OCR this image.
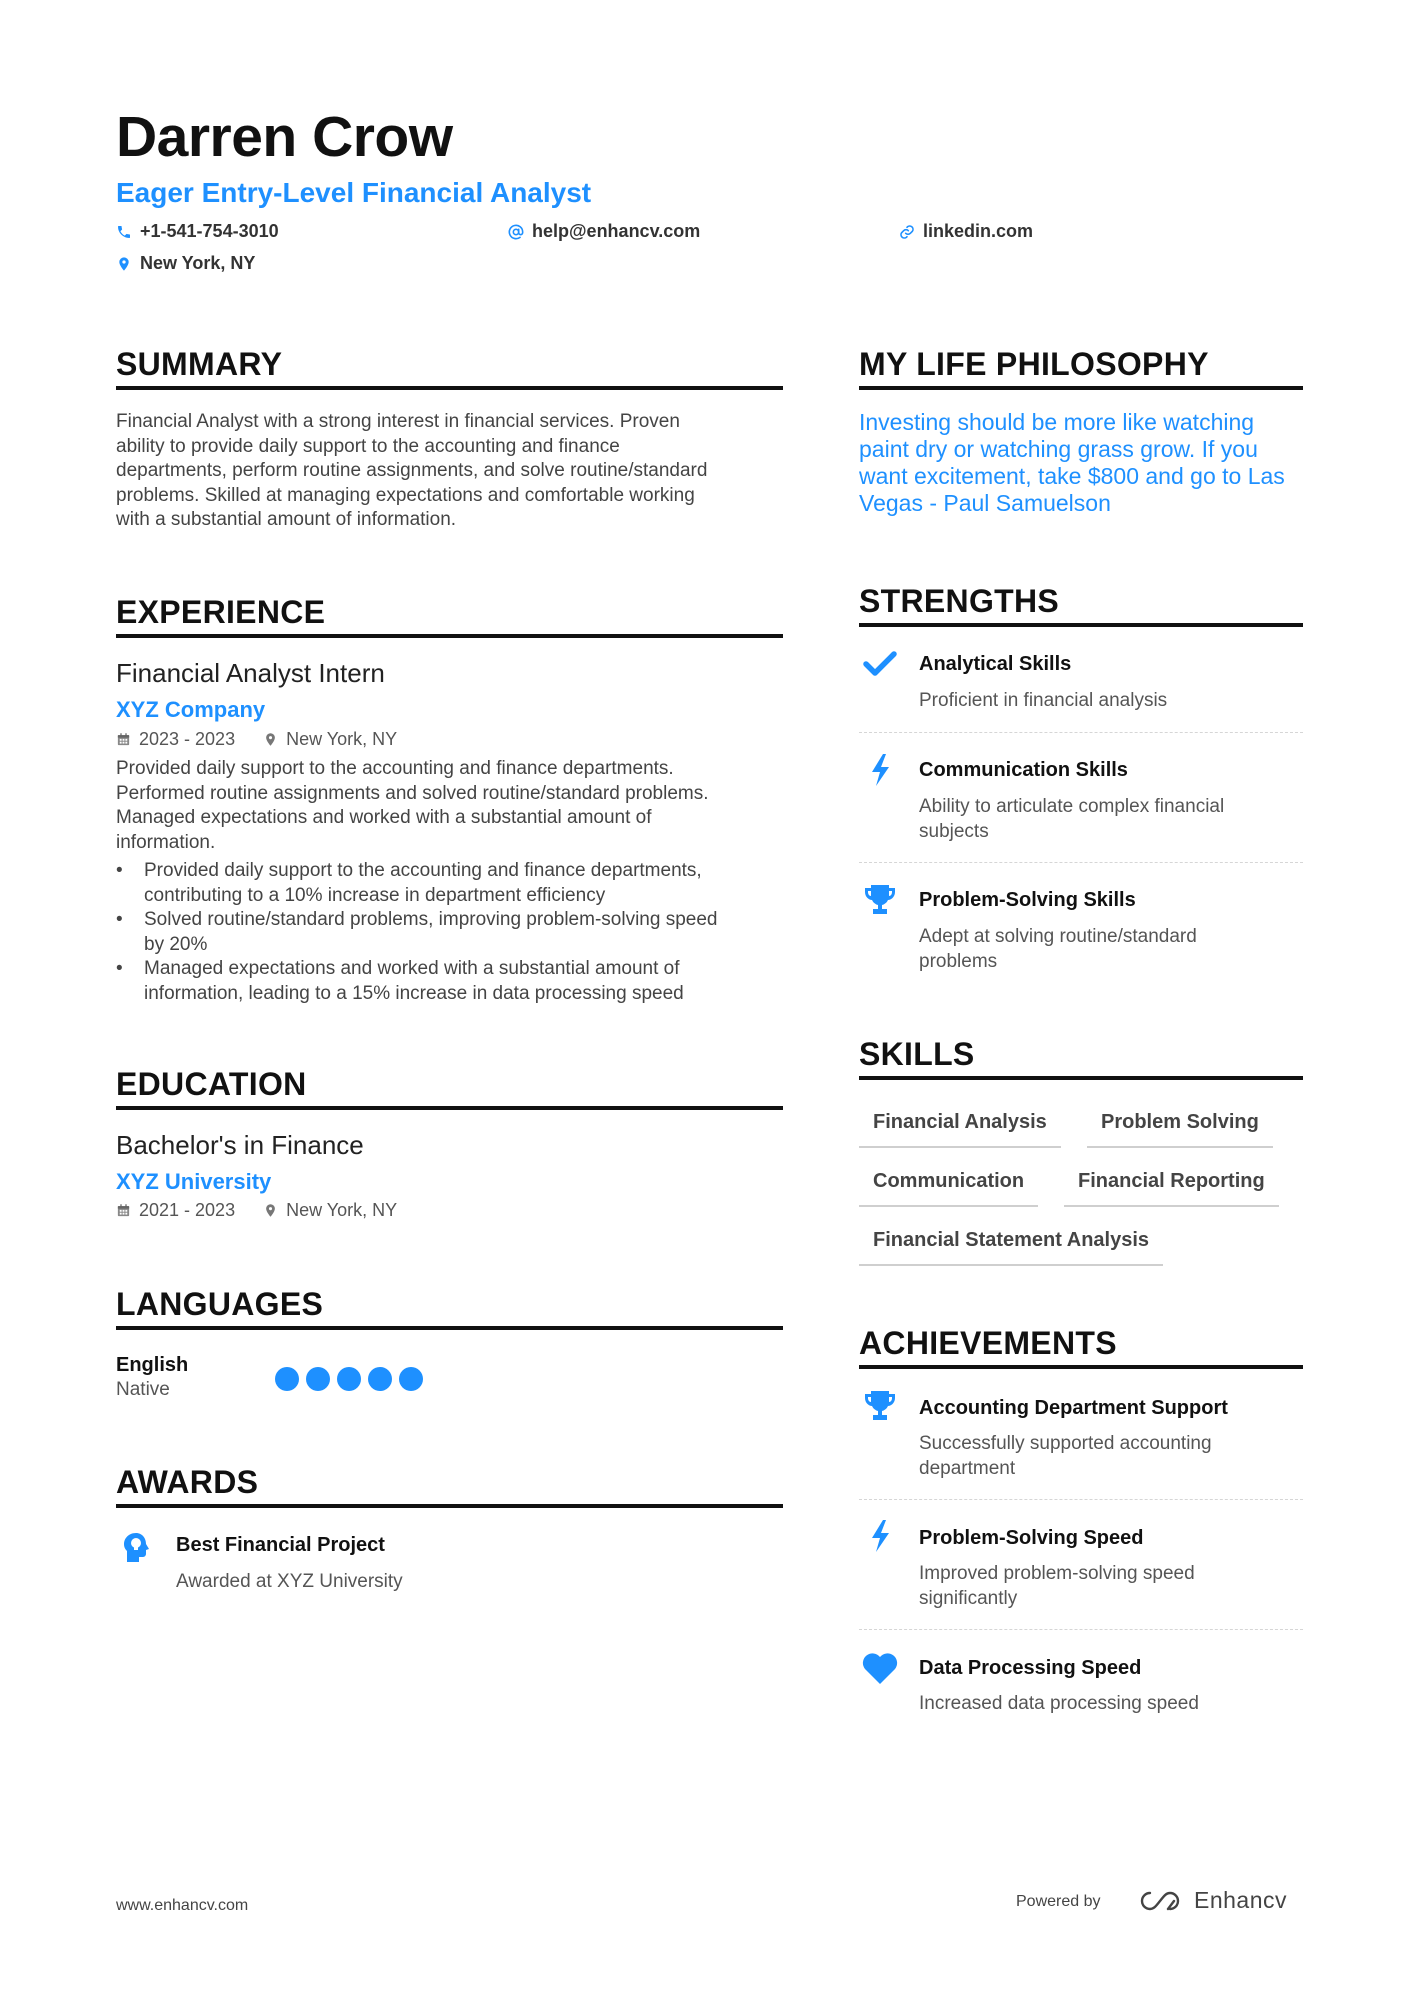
Darren Crow
Eager Entry-Level Financial Analyst
+1-541-754-3010	help@enhancv.com	linkedin.com
New York, NY
SUMMARY
Financial Analyst with a strong interest in financial services. Proven
ability to provide daily support to the accounting and finance
departments, perform routine assignments, and solve routine/standard
problems. Skilled at managing expectations and comfortable working
with a substantial amount of information.
EXPERIENCE
Financial Analyst Intern
XYZ Company
2023 - 2023	New York, NY
Provided daily support to the accounting and finance departments.
Performed routine assignments and solved routine/standard problems.
Managed expectations and worked with a substantial amount of
information.
• Provided daily support to the accounting and finance departments,
contributing to a 10% increase in department efficiency
• Solved routine/standard problems, improving problem-solving speed
by 20%
• Managed expectations and worked with a substantial amount of
information, leading to a 15% increase in data processing speed
EDUCATION
Bachelor's in Finance
XYZ University
2021 - 2023	New York, NY
LANGUAGES
English
Native
AWARDS
Best Financial Project
Awarded at XYZ University
MY LIFE PHILOSOPHY
Investing should be more like watching
paint dry or watching grass grow. If you
want excitement, take $800 and go to Las
Vegas - Paul Samuelson
STRENGTHS
Analytical Skills
Proficient in financial analysis
Communication Skills
Ability to articulate complex financial
subjects
Problem-Solving Skills
Adept at solving routine/standard
problems
SKILLS
Financial Analysis	Problem Solving
Communication	Financial Reporting
Financial Statement Analysis
ACHIEVEMENTS
Accounting Department Support
Successfully supported accounting
department
Problem-Solving Speed
Improved problem-solving speed
significantly
Data Processing Speed
Increased data processing speed
www.enhancv.com	Powered by	Enhancv
